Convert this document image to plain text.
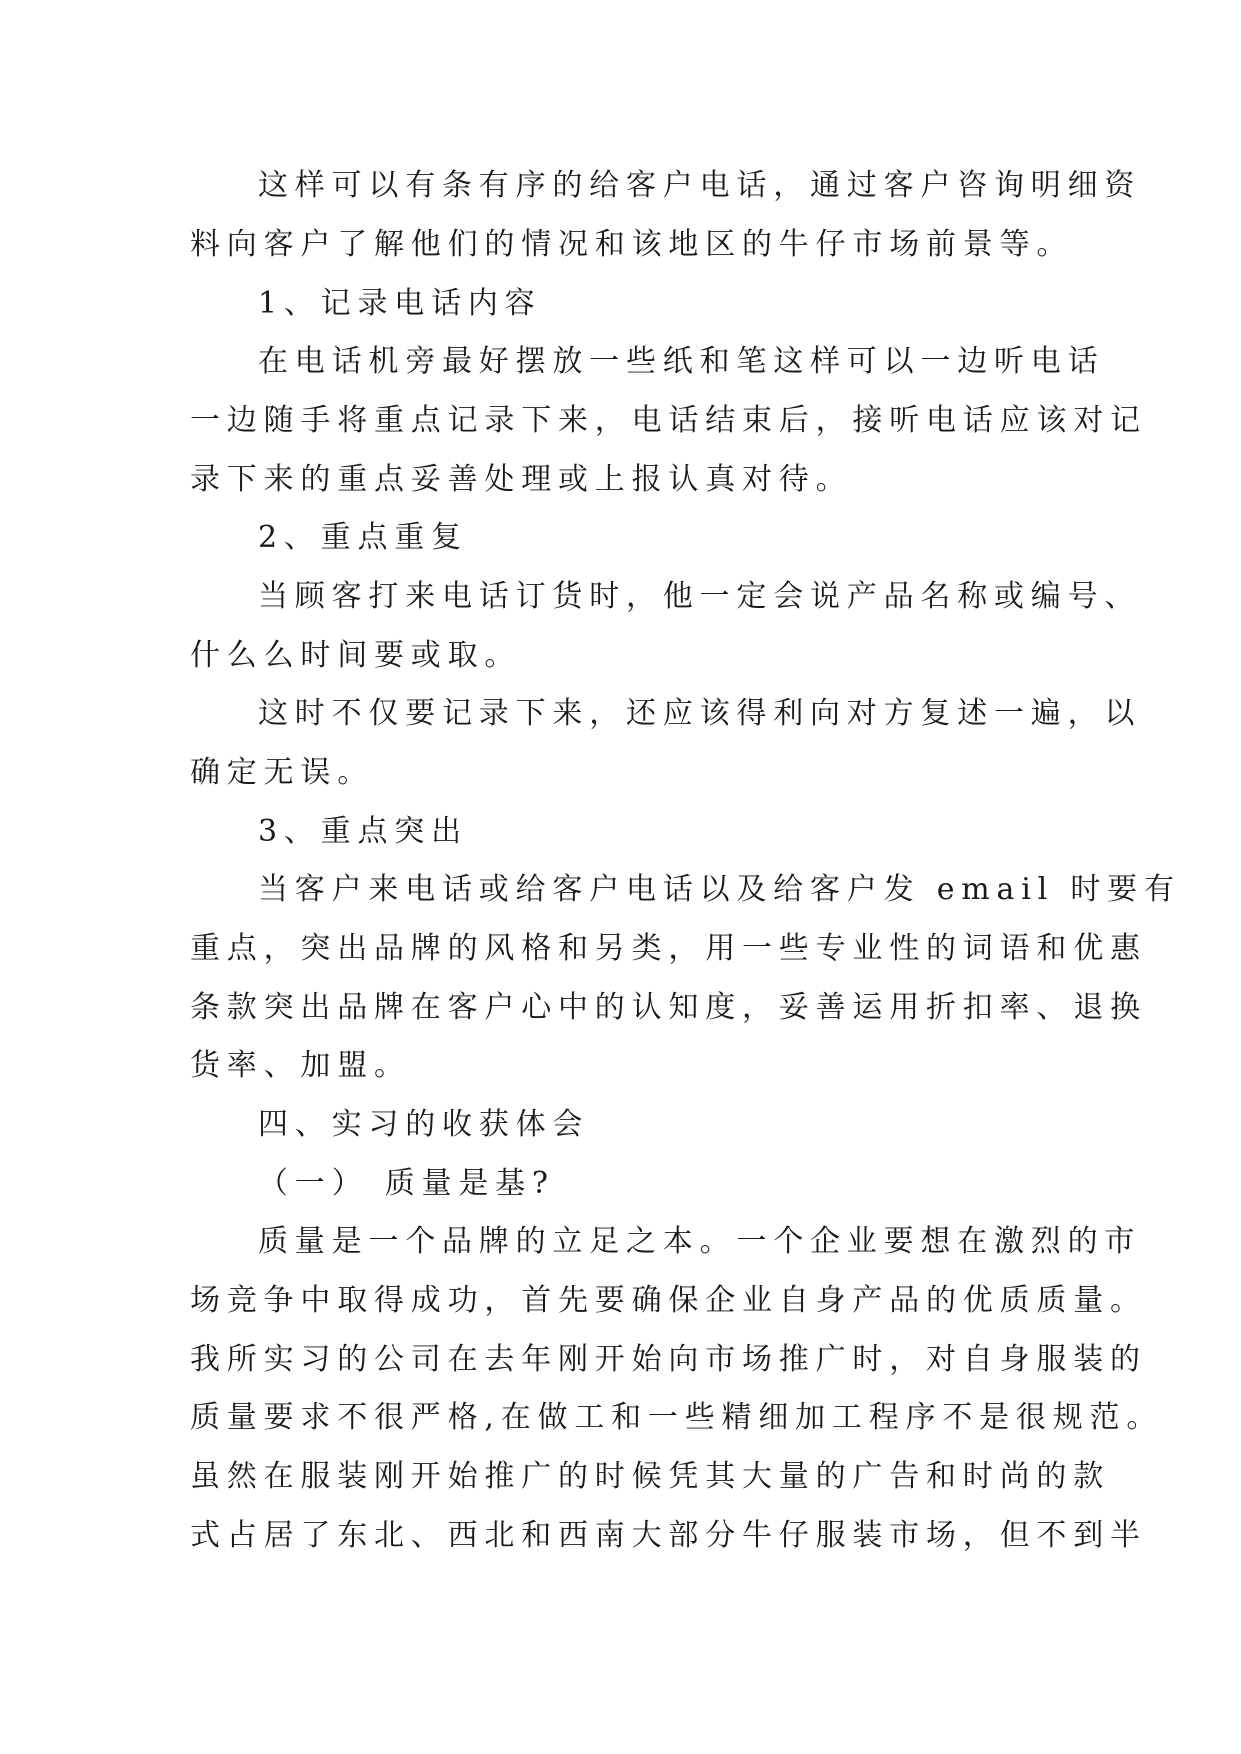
这样可以有条有序的给客户电话，通过客户咨询明细资
料向客户了解他们的情况和该地区的牛仔市场前景等。
1、记录电话内容
在电话机旁最好摆放一些纸和笔这样可以一边听电话
一边随手将重点记录下来，电话结束后，接听电话应该对记
录下来的重点妥善处理或上报认真对待。
2、重点重复
当顾客打来电话订货时，他一定会说产品名称或编号、
什么么时间要或取。
这时不仅要记录下来，还应该得利向对方复述一遍，以
确定无误。
3、重点突出
当客户来电话或给客户电话以及给客户发 email 时要有
重点，突出品牌的风格和另类，用一些专业性的词语和优惠
条款突出品牌在客户心中的认知度，妥善运用折扣率、退换
货率、加盟。
四、实习的收获体会
（一） 质量是基?
质量是一个品牌的立足之本。一个企业要想在激烈的市
场竞争中取得成功，首先要确保企业自身产品的优质质量。
我所实习的公司在去年刚开始向市场推广时，对自身服装的
质量要求不很严格,在做工和一些精细加工程序不是很规范。
虽然在服装刚开始推广的时候凭其大量的广告和时尚的款
式占居了东北、西北和西南大部分牛仔服装市场，但不到半
